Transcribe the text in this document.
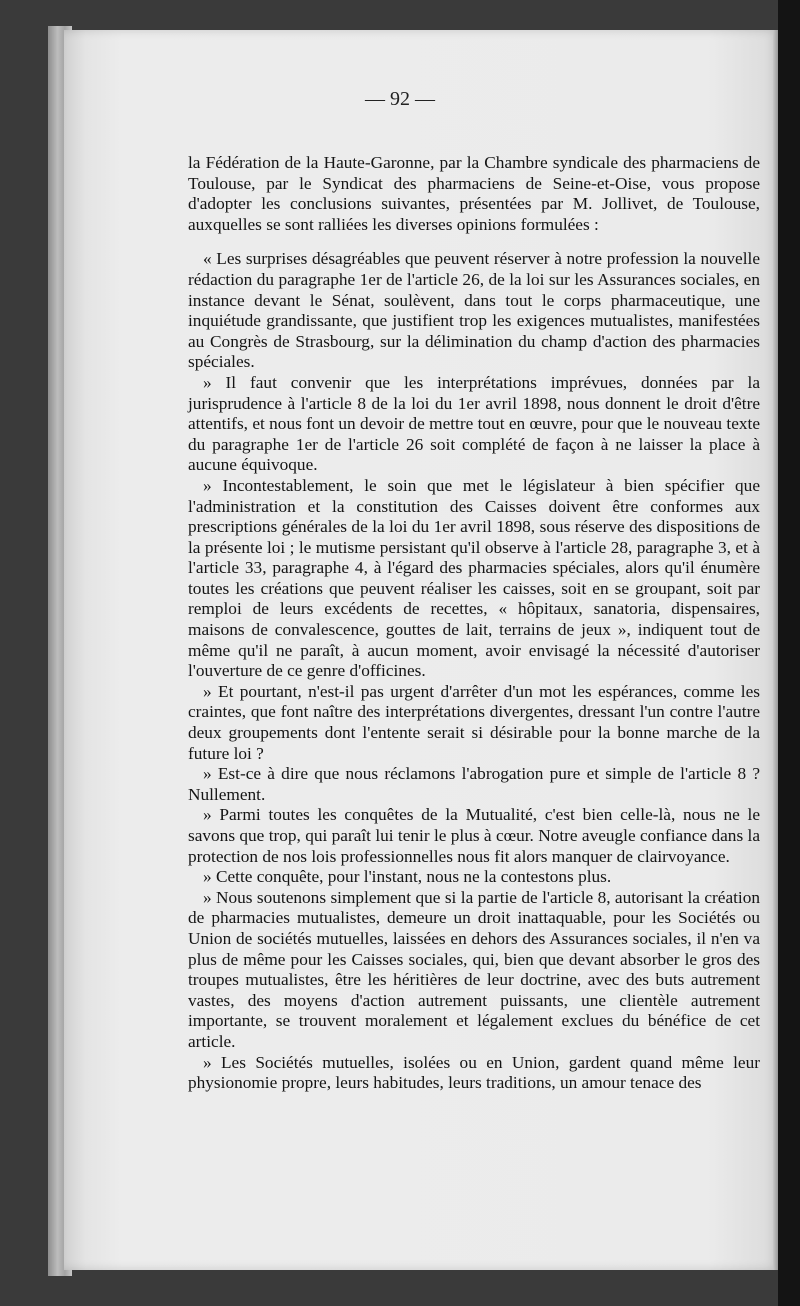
— 92 —

la Fédération de la Haute-Garonne, par la Chambre syndicale des pharmaciens de Toulouse, par le Syndicat des pharmaciens de Seine-et-Oise, vous propose d'adopter les conclusions suivantes, présentées par M. Jollivet, de Toulouse, auxquelles se sont ralliées les diverses opinions formulées :

« Les surprises désagréables que peuvent réserver à notre profession la nouvelle rédaction du paragraphe 1er de l'article 26, de la loi sur les Assurances sociales, en instance devant le Sénat, soulèvent, dans tout le corps pharmaceutique, une inquiétude grandissante, que justifient trop les exigences mutualistes, manifestées au Congrès de Strasbourg, sur la délimination du champ d'action des pharmacies spéciales.

» Il faut convenir que les interprétations imprévues, données par la jurisprudence à l'article 8 de la loi du 1er avril 1898, nous donnent le droit d'être attentifs, et nous font un devoir de mettre tout en œuvre, pour que le nouveau texte du paragraphe 1er de l'article 26 soit complété de façon à ne laisser la place à aucune équivoque.

» Incontestablement, le soin que met le législateur à bien spécifier que l'administration et la constitution des Caisses doivent être conformes aux prescriptions générales de la loi du 1er avril 1898, sous réserve des dispositions de la présente loi ; le mutisme persistant qu'il observe à l'article 28, paragraphe 3, et à l'article 33, paragraphe 4, à l'égard des pharmacies spéciales, alors qu'il énumère toutes les créations que peuvent réaliser les caisses, soit en se groupant, soit par remploi de leurs excédents de recettes, « hôpitaux, sanatoria, dispensaires, maisons de convalescence, gouttes de lait, terrains de jeux », indiquent tout de même qu'il ne paraît, à aucun moment, avoir envisagé la nécessité d'autoriser l'ouverture de ce genre d'officines.

» Et pourtant, n'est-il pas urgent d'arrêter d'un mot les espérances, comme les craintes, que font naître des interprétations divergentes, dressant l'un contre l'autre deux groupements dont l'entente serait si désirable pour la bonne marche de la future loi ?

» Est-ce à dire que nous réclamons l'abrogation pure et simple de l'article 8 ? Nullement.

» Parmi toutes les conquêtes de la Mutualité, c'est bien celle-là, nous ne le savons que trop, qui paraît lui tenir le plus à cœur. Notre aveugle confiance dans la protection de nos lois professionnelles nous fit alors manquer de clairvoyance.

» Cette conquête, pour l'instant, nous ne la contestons plus.

» Nous soutenons simplement que si la partie de l'article 8, autorisant la création de pharmacies mutualistes, demeure un droit inattaquable, pour les Sociétés ou Union de sociétés mutuelles, laissées en dehors des Assurances sociales, il n'en va plus de même pour les Caisses sociales, qui, bien que devant absorber le gros des troupes mutualistes, être les héritières de leur doctrine, avec des buts autrement vastes, des moyens d'action autrement puissants, une clientèle autrement importante, se trouvent moralement et légalement exclues du bénéfice de cet article.

» Les Sociétés mutuelles, isolées ou en Union, gardent quand même leur physionomie propre, leurs habitudes, leurs traditions, un amour tenace des
